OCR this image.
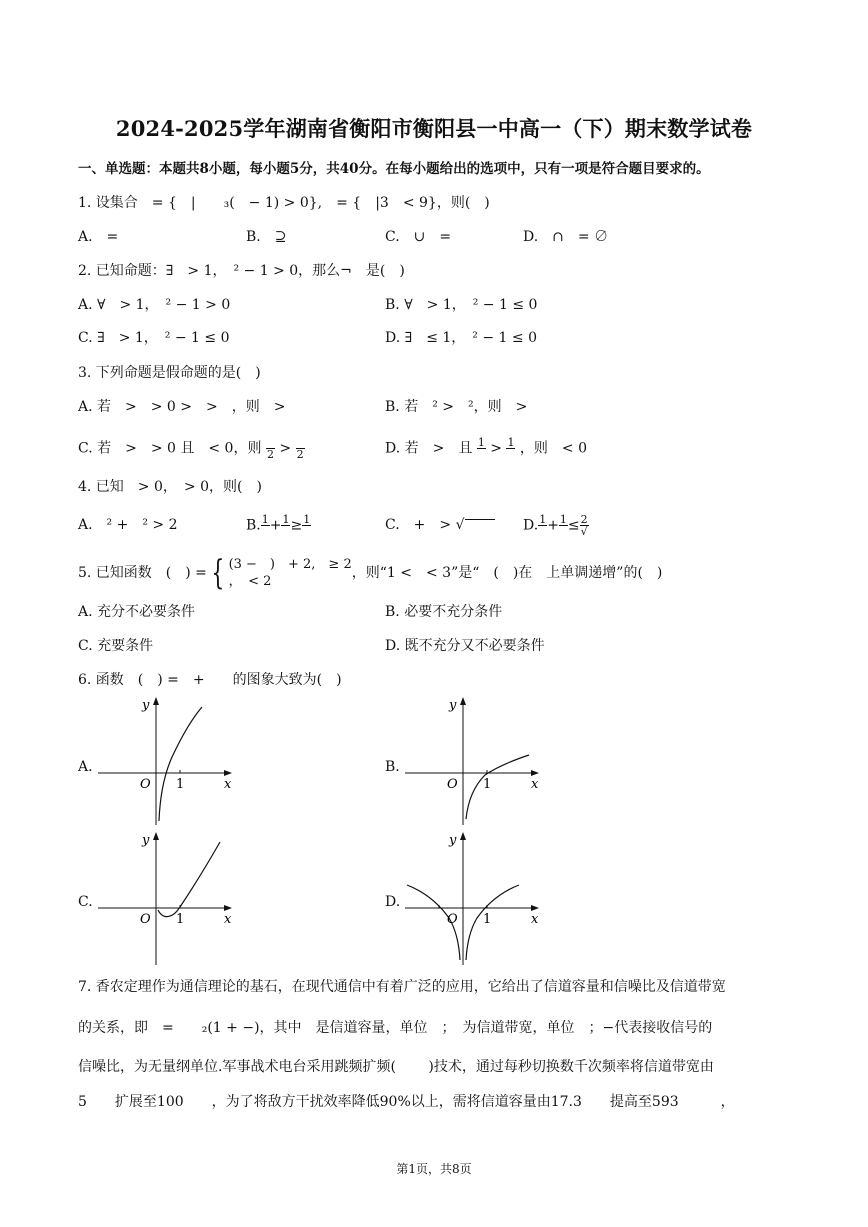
2024-2025学年湖南省衡阳市衡阳县一中高一（下）期末数学试卷
一、单选题：本题共8小题，每小题5分，共40分。在每小题给出的选项中，只有一项是符合题目要求的。
1. 设集合　= {　|　　₃(　− 1) > 0},　= {　|3　< 9}，则(　)
A.　=	B.　⊇	C.　∪　=	D.　∩　= ∅
2. 已知命题：∃　> 1，　² − 1 > 0，那么¬　是(　)
A. ∀　> 1，　² − 1 > 0	B. ∀　> 1，　² − 1 ≤ 0
C. ∃　> 1，　² − 1 ≤ 0	D. ∃　≤ 1，　² − 1 ≤ 0
3. 下列命题是假命题的是(　)
A. 若　>　> 0 >　>　，则　>	B. 若　² >　²，则　>
C. 若　>　> 0 且　< 0，则 2 > 2	D. 若　>　且 1 > 1 ，则　< 0
4. 已知　> 0，　> 0，则(　)
A.　² +　² > 2	B. 1 + 1 ≥ 1	C.　+　> √	D. $1 + 1 \le \frac{2}{√}$
5. 已知函数　(　) = { (3 −　)　+ 2,　≥ 2
，　< 2
，则“1 <　< 3”是“　(　)在　上单调递增”的(　)
A. 充分不必要条件	B. 必要不充分条件
C. 充要条件	D. 既不充分又不必要条件
6. 函数　(　) =　+　　的图象大致为(　)
A.
y
x
O 1
B.
y
x
O 1
C.
y
x
O 1
D.
y
x
O 1
7. 香农定理作为通信理论的基石，在现代通信中有着广泛的应用，它给出了信道容量和信噪比及信道带宽
的关系，即　=　　₂(1 + −)，其中　是信道容量，单位　；　为信道带宽，单位　；−代表接收信号的
信噪比，为无量纲单位.军事战术电台采用跳频扩频(　　 )技术，通过每秒切换数千次频率将信道带宽由
5　　扩展至100　　，为了将敌方干扰效率降低90%以上，需将信道容量由17.3　　提高至593　　　，
第1页，共8页
